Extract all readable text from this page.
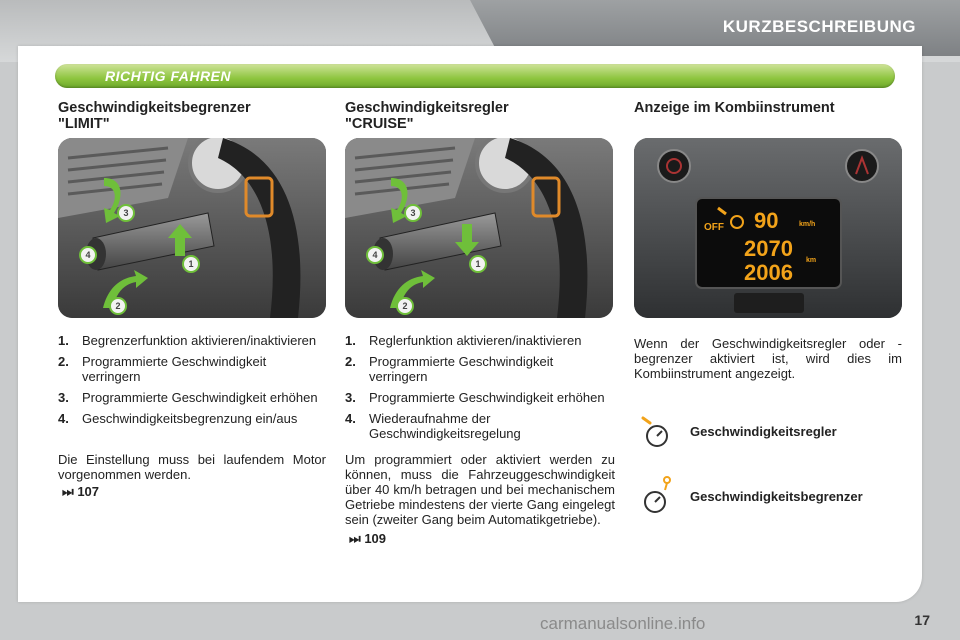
KURZBESCHREIBUNG
RICHTIG FAHREN
Geschwindigkeitsbegrenzer
"LIMIT"
3
4
1
2
1.	Begrenzerfunktion aktivieren/inaktivieren
2.	Programmierte Geschwindigkeit verringern
3.	Programmierte Geschwindigkeit erhöhen
4.	Geschwindigkeitsbegrenzung ein/aus

Die Einstellung muss bei laufendem Motor vorgenommen werden.

⏭ 107
Geschwindigkeitsregler
"CRUISE"
3
4
1
2
1.	Reglerfunktion aktivieren/inaktivieren
2.	Programmierte Geschwindigkeit verringern
3.	Programmierte Geschwindigkeit erhöhen
4.	Wiederaufnahme der Geschwindigkeitsregelung

Um programmiert oder aktiviert werden zu können, muss die Fahrzeuggeschwindigkeit über 40 km/h betragen und bei mechanischem Getriebe mindestens der vierte Gang eingelegt sein (zweiter Gang beim Automatikgetriebe).

⏭ 109
Anzeige im Kombiinstrument
OFF 90	km/h
2070
2006 km

Wenn der Geschwindigkeitsregler oder -begrenzer aktiviert ist, wird dies im Kombiinstrument angezeigt.

Geschwindigkeitsregler
Geschwindigkeitsbegrenzer
carmanualsonline.info	17
